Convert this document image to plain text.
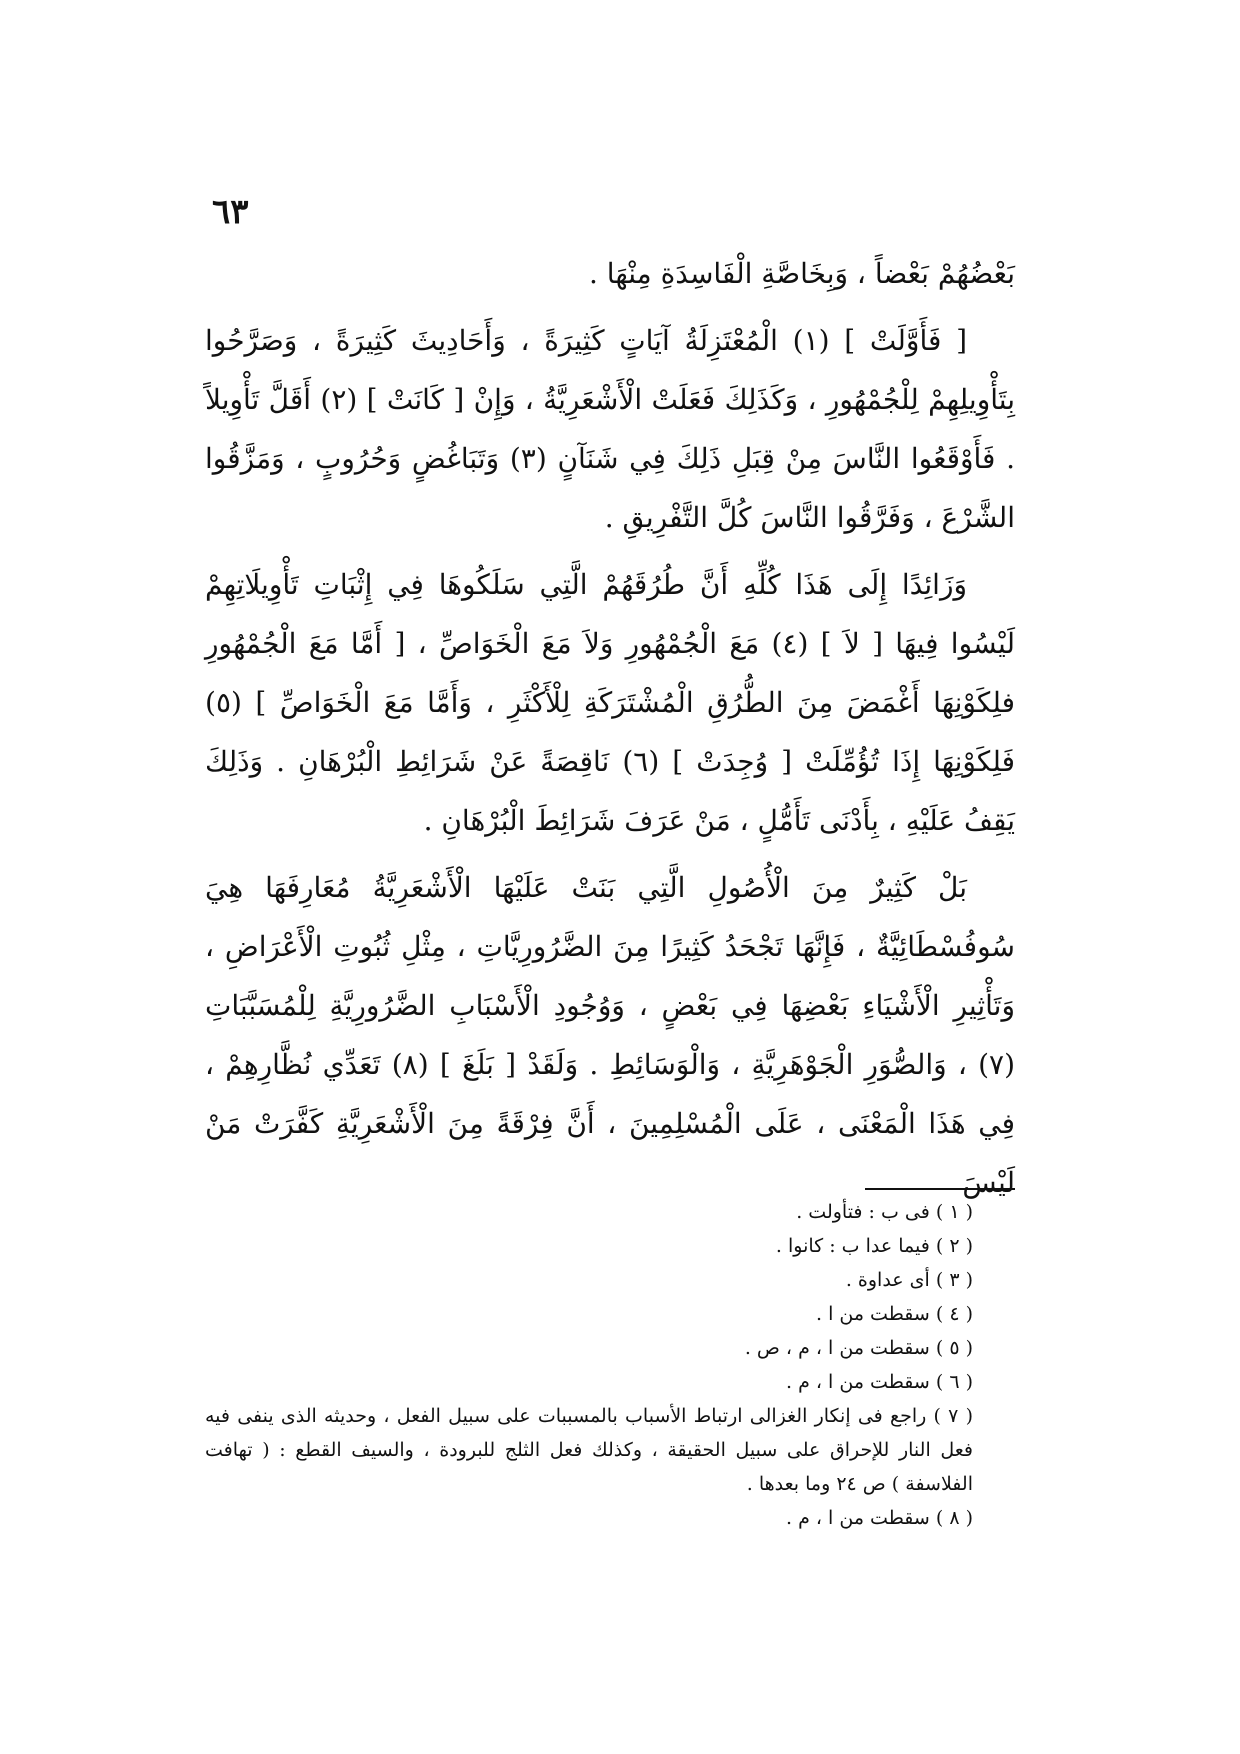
٦٣

بَعْضُهُمْ بَعْضاً ، وَبِخَاصَّةِ الْفَاسِدَةِ مِنْهَا .

[ فَأَوَّلَتْ ] (١) الْمُعْتَزِلَةُ آيَاتٍ كَثِيرَةً ، وَأَحَادِيثَ كَثِيرَةً ، وَصَرَّحُوا بِتَأْوِيلِهِمْ لِلْجُمْهُورِ ، وَكَذَلِكَ فَعَلَتْ الْأَشْعَرِيَّةُ ، وَإِنْ [ كَانَتْ ] (٢) أَقَلَّ تَأْوِيلاً . فَأَوْقَعُوا النَّاسَ مِنْ قِبَلِ ذَلِكَ فِي شَنَآنٍ (٣) وَتَبَاغُضٍ وَحُرُوبٍ ، وَمَزَّقُوا الشَّرْعَ ، وَفَرَّقُوا النَّاسَ كُلَّ التَّفْرِيقِ .

وَزَائِدًا إِلَى هَذَا كُلِّهِ أَنَّ طُرُقَهُمْ الَّتِي سَلَكُوهَا فِي إِثْبَاتِ تَأْوِيلَاتِهِمْ لَيْسُوا فِيهَا [ لاَ ] (٤) مَعَ الْجُمْهُورِ وَلاَ مَعَ الْخَوَاصِّ ، [ أَمَّا مَعَ الْجُمْهُورِ فلِكَوْنِهَا أَغْمَضَ مِنَ الطُّرُقِ الْمُشْتَرَكَةِ لِلْأَكْثَرِ ، وَأَمَّا مَعَ الْخَوَاصِّ ] (٥) فَلِكَوْنِهَا إِذَا تُؤُمِّلَتْ [ وُجِدَتْ ] (٦) نَاقِصَةً عَنْ شَرَائِطِ الْبُرْهَانِ . وَذَلِكَ يَقِفُ عَلَيْهِ ، بِأَدْنَى تَأَمُّلٍ ، مَنْ عَرَفَ شَرَائِطَ الْبُرْهَانِ .

بَلْ كَثِيرٌ مِنَ الْأُصُولِ الَّتِي بَنَتْ عَلَيْهَا الْأَشْعَرِيَّةُ مُعَارِفَهَا هِيَ سُوفُسْطَائِيَّةٌ ، فَإِنَّهَا تَجْحَدُ كَثِيرًا مِنَ الضَّرُورِيَّاتِ ، مِثْلِ ثُبُوتِ الْأَعْرَاضِ ، وَتَأْثِيرِ الْأَشْيَاءِ بَعْضِهَا فِي بَعْضٍ ، وَوُجُودِ الْأَسْبَابِ الضَّرُورِيَّةِ لِلْمُسَبَّبَاتِ (٧) ، وَالصُّوَرِ الْجَوْهَرِيَّةِ ، وَالْوَسَائِطِ . وَلَقَدْ [ بَلَغَ ] (٨) تَعَدِّي نُظَّارِهِمْ ، فِي هَذَا الْمَعْنَى ، عَلَى الْمُسْلِمِينَ ، أَنَّ فِرْقَةً مِنَ الْأَشْعَرِيَّةِ كَفَّرَتْ مَنْ لَيْسَ

( ١ ) فى ب : فتأولت .

( ٢ ) فيما عدا ب : كانوا .

( ٣ ) أى عداوة .

( ٤ ) سقطت من ا .

( ٥ ) سقطت من ا ، م ، ص .

( ٦ ) سقطت من ا ، م .

( ٧ ) راجع فى إنكار الغزالى ارتباط الأسباب بالمسببات على سبيل الفعل ، وحديثه الذى ينفى فيه فعل النار للإحراق على سبيل الحقيقة ، وكذلك فعل الثلج للبرودة ، والسيف القطع : ( تهافت الفلاسفة ) ص ٢٤ وما بعدها .

( ٨ ) سقطت من ا ، م .
